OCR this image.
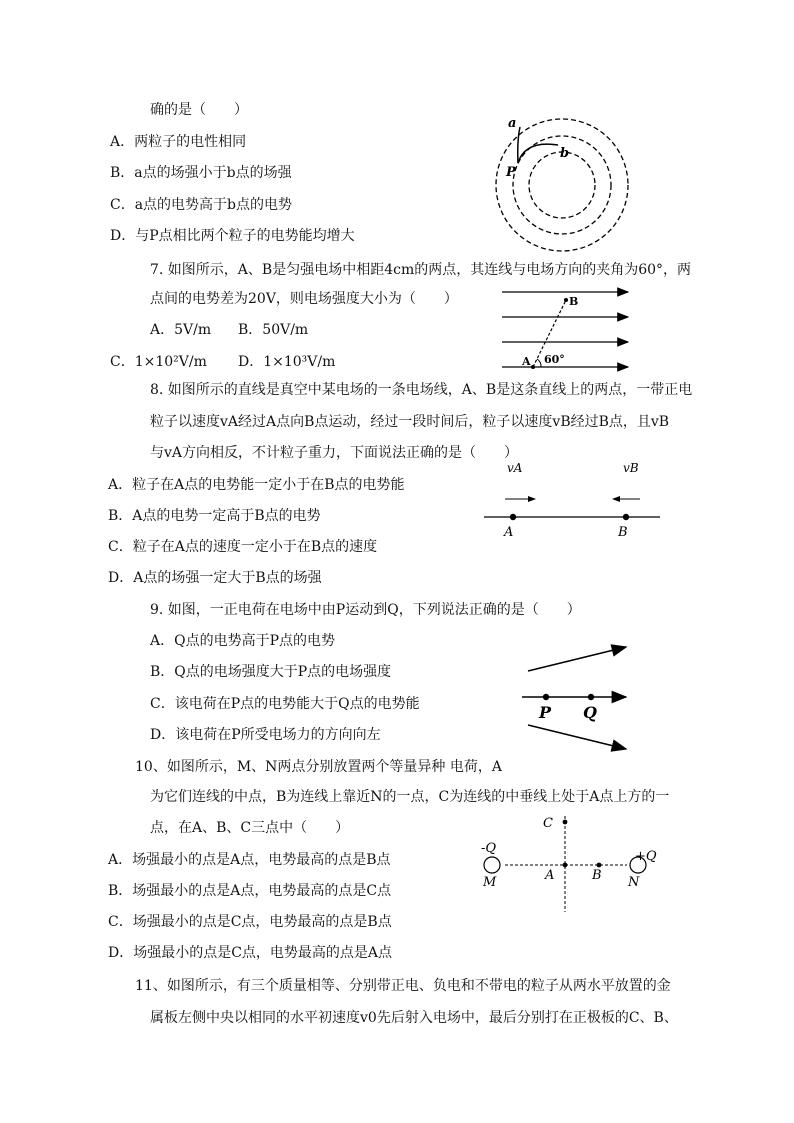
确的是（　　）
A．两粒子的电性相同
B．a点的场强小于b点的场强
C．a点的电势高于b点的电势
D．与P点相比两个粒子的电势能均增大
a
b
P
7. 如图所示，A、B是匀强电场中相距4cm的两点，其连线与电场方向的夹角为60°，两
点间的电势差为20V，则电场强度大小为（　　）
A．5V/m B．50V/m
C．1×10²V/m D．1×10³V/m
B
A 60°
8. 如图所示的直线是真空中某电场的一条电场线，A、B是这条直线上的两点，一带正电
粒子以速度vA经过A点向B点运动，经过一段时间后，粒子以速度vB经过B点，且vB
与vA方向相反，不计粒子重力，下面说法正确的是（　　）
A．粒子在A点的电势能一定小于在B点的电势能
B．A点的电势一定高于B点的电势
C．粒子在A点的速度一定小于在B点的速度
D．A点的场强一定大于B点的场强
vA	vB
A	B
9. 如图，一正电荷在电场中由P运动到Q，下列说法正确的是（　　）
A．Q点的电势高于P点的电势
B．Q点的电场强度大于P点的电场强度
C．该电荷在P点的电势能大于Q点的电势能
D．该电荷在P所受电场力的方向向左
P Q
10、如图所示，M、N两点分别放置两个等量异种 电荷，A
为它们连线的中点，B为连线上靠近N的一点，C为连线的中垂线上处于A点上方的一
点，在A、B、C三点中（　　）
A．场强最小的点是A点，电势最高的点是B点
B．场强最小的点是A点，电势最高的点是C点
C．场强最小的点是C点，电势最高的点是B点
D．场强最小的点是C点，电势最高的点是A点
C
-Q
+Q
M	A	B N
11、如图所示，有三个质量相等、分别带正电、负电和不带电的粒子从两水平放置的金
属板左侧中央以相同的水平初速度v0先后射入电场中，最后分别打在正极板的C、B、
